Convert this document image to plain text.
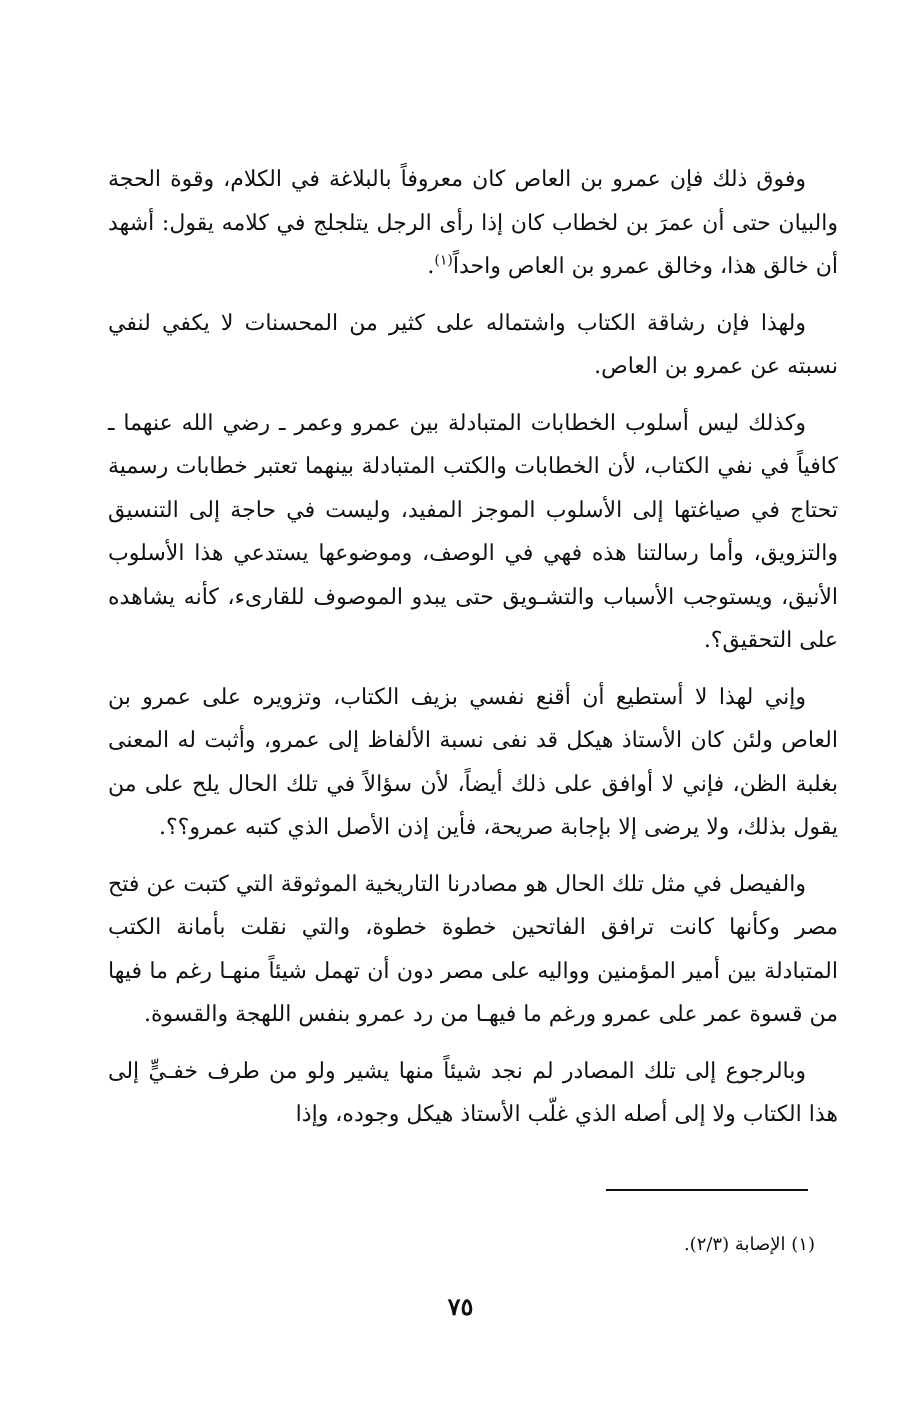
وفوق ذلك فإن عمرو بن العاص كان معروفاً بالبلاغة في الكلام، وقوة الحجة والبيان حتى أن عمرَ بن لخطاب كان إذا رأى الرجل يتلجلج في كلامه يقول: أشهد أن خالق هذا، وخالق عمرو بن العاص واحداً$^{(١)}$.

ولهذا فإن رشاقة الكتاب واشتماله على كثير من المحسنات لا يكفي لنفي نسبته عن عمرو بن العاص.

وكذلك ليس أسلوب الخطابات المتبادلة بين عمرو وعمر ـ رضي الله عنهما ـ كافياً في نفي الكتاب، لأن الخطابات والكتب المتبادلة بينهما تعتبر خطابات رسمية تحتاج في صياغتها إلى الأسلوب الموجز المفيد، وليست في حاجة إلى التنسيق والتزويق، وأما رسالتنا هذه فهي في الوصف، وموضوعها يستدعي هذا الأسلوب الأنيق، ويستوجب الأسباب والتشـويق حتى يبدو الموصوف للقارىء، كأنه يشاهده على التحقيق؟.

وإني لهذا لا أستطيع أن أقنع نفسي بزيف الكتاب، وتزويره على عمرو بن العاص ولئن كان الأستاذ هيكل قد نفى نسبة الألفاظ إلى عمرو، وأثبت له المعنى بغلبة الظن، فإني لا أوافق على ذلك أيضاً، لأن سؤالاً في تلك الحال يلح على من يقول بذلك، ولا يرضى إلا بإجابة صريحة، فأين إذن الأصل الذي كتبه عمرو؟؟.

والفيصل في مثل تلك الحال هو مصادرنا التاريخية الموثوقة التي كتبت عن فتح مصر وكأنها كانت ترافق الفاتحين خطوة خطوة، والتي نقلت بأمانة الكتب المتبادلة بين أمير المؤمنين وواليه على مصر دون أن تهمل شيئاً منهـا رغم ما فيها من قسوة عمر على عمرو ورغم ما فيهـا من رد عمرو بنفس اللهجة والقسوة.

وبالرجوع إلى تلك المصادر لم نجد شيئاً منها يشير ولو من طرف خفـيٍّ إلى هذا الكتاب ولا إلى أصله الذي غلّب الأستاذ هيكل وجوده، وإذا

(١) الإصابة (٢/٣).
٧٥
